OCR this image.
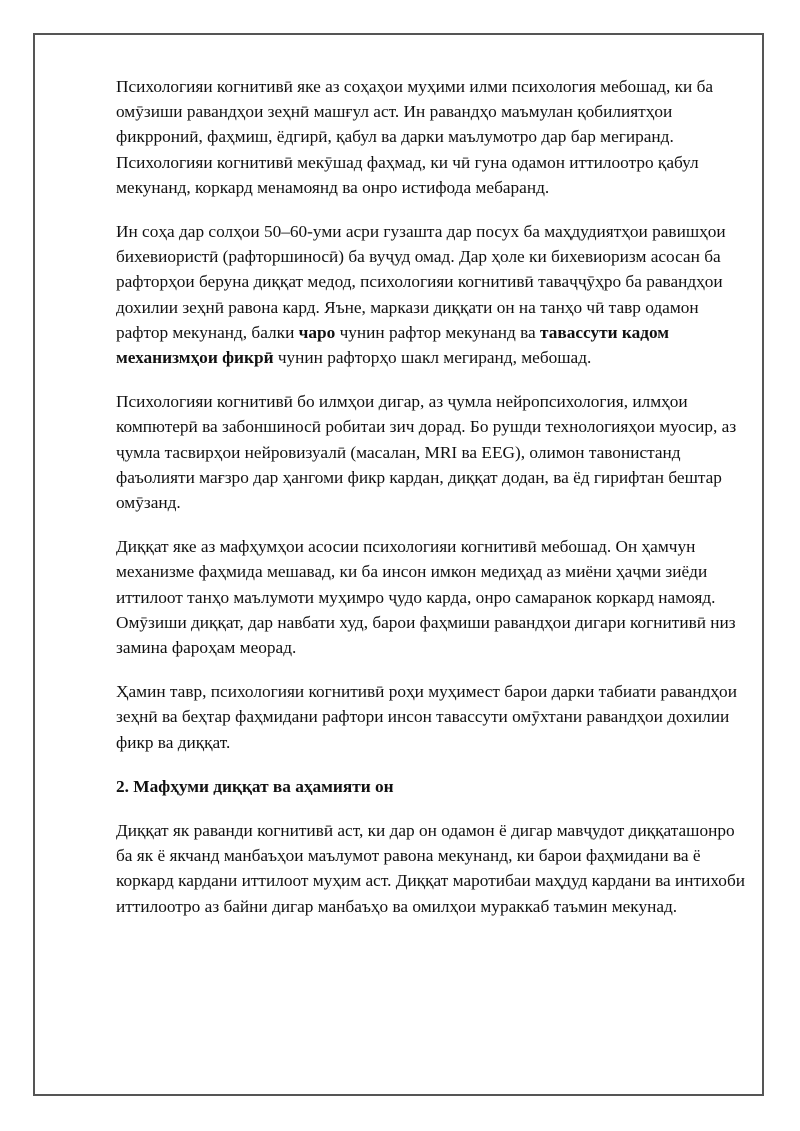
Психологияи когнитивӣ яке аз соҳаҳои муҳими илми психология мебошад, ки ба омӯзиши равандҳои зеҳнӣ машғул аст. Ин равандҳо маъмулан қобилиятҳои фикррониӣ, фаҳмиш, ёдгирӣ, қабул ва дарки маълумотро дар бар мегиранд. Психологияи когнитивӣ мекӯшад фаҳмад, ки чӣ гуна одамон иттилоотро қабул мекунанд, коркард менамоянд ва онро истифода мебаранд.

Ин соҳа дар солҳои 50–60-уми асри гузашта дар посух ба маҳдудиятҳои равишҳои бихевиористӣ (рафторшиносӣ) ба вуҷуд омад. Дар ҳоле ки бихевиоризм асосан ба рафторҳои беруна диққат медод, психологияи когнитивӣ таваҷҷӯҳро ба равандҳои дохилии зеҳнӣ равона кард. Яъне, маркази диққати он на танҳо чӣ тавр одамон рафтор мекунанд, балки чаро чунин рафтор мекунанд ва тавассути кадом механизмҳои фикрӣ чунин рафторҳо шакл мегиранд, мебошад.

Психологияи когнитивӣ бо илмҳои дигар, аз ҷумла нейропсихология, илмҳои компютерӣ ва забоншиносӣ робитаи зич дорад. Бо рушди технологияҳои муосир, аз ҷумла тасвирҳои нейровизуалӣ (масалан, MRI ва EEG), олимон тавонистанд фаъолияти мағзро дар ҳангоми фикр кардан, диққат додан, ва ёд гирифтан бештар омӯзанд.

Диққат яке аз мафҳумҳои асосии психологияи когнитивӣ мебошад. Он ҳамчун механизме фаҳмида мешавад, ки ба инсон имкон медиҳад аз миёни ҳаҷми зиёди иттилоот танҳо маълумоти муҳимро ҷудо карда, онро самаранок коркард намояд. Омӯзиши диққат, дар навбати худ, барои фаҳмиши равандҳои дигари когнитивӣ низ замина фароҳам меорад.

Ҳамин тавр, психологияи когнитивӣ роҳи муҳимест барои дарки табиати равандҳои зеҳнӣ ва беҳтар фаҳмидани рафтори инсон тавассути омӯхтани равандҳои дохилии фикр ва диққат.

2. Мафҳуми диққат ва аҳамияти он

Диққат як раванди когнитивӣ аст, ки дар он одамон ё дигар мавҷудот диққаташонро ба як ё якчанд манбаъҳои маълумот равона мекунанд, ки барои фаҳмидани ва ё коркард кардани иттилоот муҳим аст. Диққат маротибаи маҳдуд кардани ва интихоби иттилоотро аз байни дигар манбаъҳо ва омилҳои мураккаб таъмин мекунад.
